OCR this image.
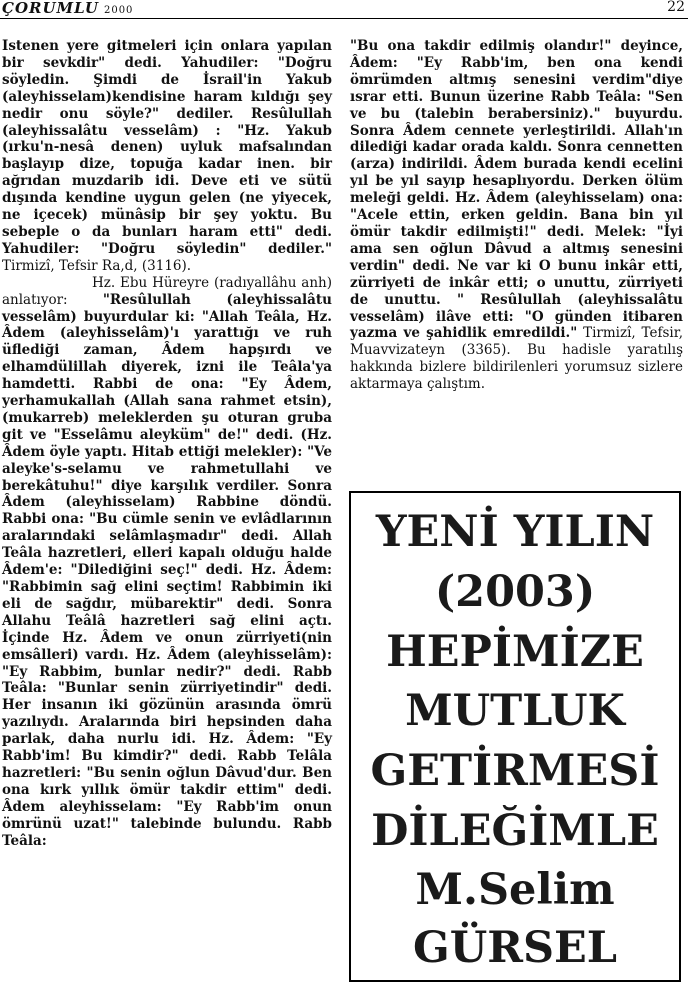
ÇORUMLU 2000	22

Istenen yere gitmeleri için onlara yapılan bir sevkdir" dedi. Yahudiler: "Doğru söyledin. Şimdi de İsrail'in Yakub (aleyhisselam)kendisine haram kıldığı şey nedir onu söyle?" dediler. Resûlullah (aleyhissalâtu vesselâm) : "Hz. Yakub (ırku'n-nesâ denen) uyluk mafsalından başlayıp dize, topuğa kadar inen. bir ağrıdan muzdarib idi. Deve eti ve sütü dışında kendine uygun gelen (ne yiyecek, ne içecek) münâsip bir şey yoktu. Bu sebeple o da bunları haram etti" dedi. Yahudiler: "Doğru söyledin" dediler." Tirmizî, Tefsir Ra,d, (3116).

Hz. Ebu Hüreyre (radıyallâhu anh) anlatıyor: "Resûlullah (aleyhissalâtu vesselâm) buyurdular ki: "Allah Teâla, Hz. Âdem (aleyhisselâm)'ı yarattığı ve ruh üflediği zaman, Âdem hapşırdı ve elhamdülillah diyerek, izni ile Teâla'ya hamdetti. Rabbi de ona: "Ey Âdem, yerhamukallah (Allah sana rahmet etsin), (mukarreb) meleklerden şu oturan gruba git ve "Esselâmu aleyküm" de!" dedi. (Hz. Âdem öyle yaptı. Hitab ettiği melekler): "Ve aleyke's-selamu ve rahmetullahi ve berekâtuhu!" diye karşılık verdiler. Sonra Âdem (aleyhisselam) Rabbine döndü. Rabbi ona: "Bu cümle senin ve evlâdlarının aralarındaki selâmlaşmadır" dedi. Allah Teâla hazretleri, elleri kapalı olduğu halde Âdem'e: "Dilediğini seç!" dedi. Hz. Âdem: "Rabbimin sağ elini seçtim! Rabbimin iki eli de sağdır, mübarektir" dedi. Sonra Allahu Teâlâ hazretleri sağ elini açtı. İçinde Hz. Âdem ve onun zürriyeti(nin emsâlleri) vardı. Hz. Âdem (aleyhisselâm): "Ey Rabbim, bunlar nedir?" dedi. Rabb Teâla: "Bunlar senin zürriyetindir" dedi. Her insanın iki gözünün arasında ömrü yazılıydı. Aralarında biri hepsinden daha parlak, daha nurlu idi. Hz. Âdem: "Ey Rabb'im! Bu kimdir?" dedi. Rabb Telâla hazretleri: "Bu senin oğlun Dâvud'dur. Ben ona kırk yıllık ömür takdir ettim" dedi. Âdem aleyhisselam: "Ey Rabb'im onun ömrünü uzat!" talebinde bulundu. Rabb Teâla:

"Bu ona takdir edilmiş olandır!" deyince, Âdem: "Ey Rabb'im, ben ona kendi ömrümden altmış senesini verdim"diye ısrar etti. Bunun üzerine Rabb Teâla: "Sen ve bu (talebin berabersiniz)." buyurdu. Sonra Âdem cennete yerleştirildi. Allah'ın dilediği kadar orada kaldı. Sonra cennetten (arza) indirildi. Âdem burada kendi ecelini yıl be yıl sayıp hesaplıyordu. Derken ölüm meleği geldi. Hz. Âdem (aleyhisselam) ona: "Acele ettin, erken geldin. Bana bin yıl ömür takdir edilmişti!" dedi. Melek: "İyi ama sen oğlun Dâvud a altmış senesini verdin" dedi. Ne var ki O bunu inkâr etti, zürriyeti de inkâr etti; o unuttu, zürriyeti de unuttu. " Resûlullah (aleyhissalâtu vesselâm) ilâve etti: "O günden itibaren yazma ve şahidlik emredildi." Tirmizî, Tefsir, Muavvizateyn (3365). Bu hadisle yaratılış hakkında bizlere bildirilenleri yorumsuz sizlere aktarmaya çalıştım.

YENİ YILIN
(2003)
HEPİMİZE
MUTLUK
GETİRMESİ
DİLEĞİMLE
M.Selim
GÜRSEL
